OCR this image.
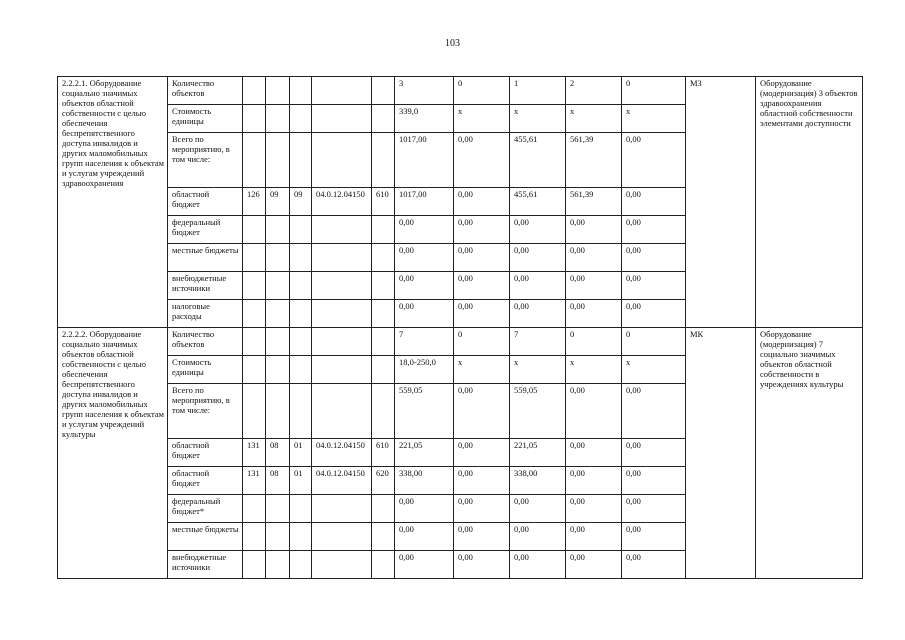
103
2.2.2.1. Оборудование социально значимых объектов областной собственности с целью обеспечения беспрепятственного доступа инвалидов и других маломобильных групп населения к объектам и услугам учреждений здравоохранения	Количество объектов						3	0	1	2	0	МЗ	Оборудование (модернизация) 3 объектов здравоохранения областной собственности элементами доступности
	Стоимость единицы						339,0	х	х	х	х		
	Всего по мероприятию, в том числе:						1017,00	0,00	455,61	561,39	0,00		
	областной бюджет	126	09	09	04.0.12.04150	610	1017,00	0,00	455,61	561,39	0,00		
	федеральный бюджет						0,00	0,00	0,00	0,00	0,00		
	местные бюджеты						0,00	0,00	0,00	0,00	0,00		
	внебюджетные источники						0,00	0,00	0,00	0,00	0,00		
	налоговые расходы						0,00	0,00	0,00	0,00	0,00		
2.2.2.2. Оборудование социально значимых объектов областной собственности с целью обеспечения беспрепятственного доступа инвалидов и других маломобильных групп населения к объектам и услугам учреждений культуры	Количество объектов						7	0	7	0	0	МК	Оборудование (модернизация) 7 социально значимых объектов областной собственности в учреждениях культуры
	Стоимость единицы						18,0-250,0	х	х	х	х		
	Всего по мероприятию, в том числе:						559,05	0,00	559,05	0,00	0,00		
	областной бюджет	131	08	01	04.0.12.04150	610	221,05	0,00	221,05	0,00	0,00		
	областной бюджет	131	08	01	04.0.12.04150	620	338,00	0,00	338,00	0,00	0,00		
	федеральный бюджет*						0,00	0,00	0,00	0,00	0,00		
	местные бюджеты						0,00	0,00	0,00	0,00	0,00		
	внебюджетные источники						0,00	0,00	0,00	0,00	0,00		
